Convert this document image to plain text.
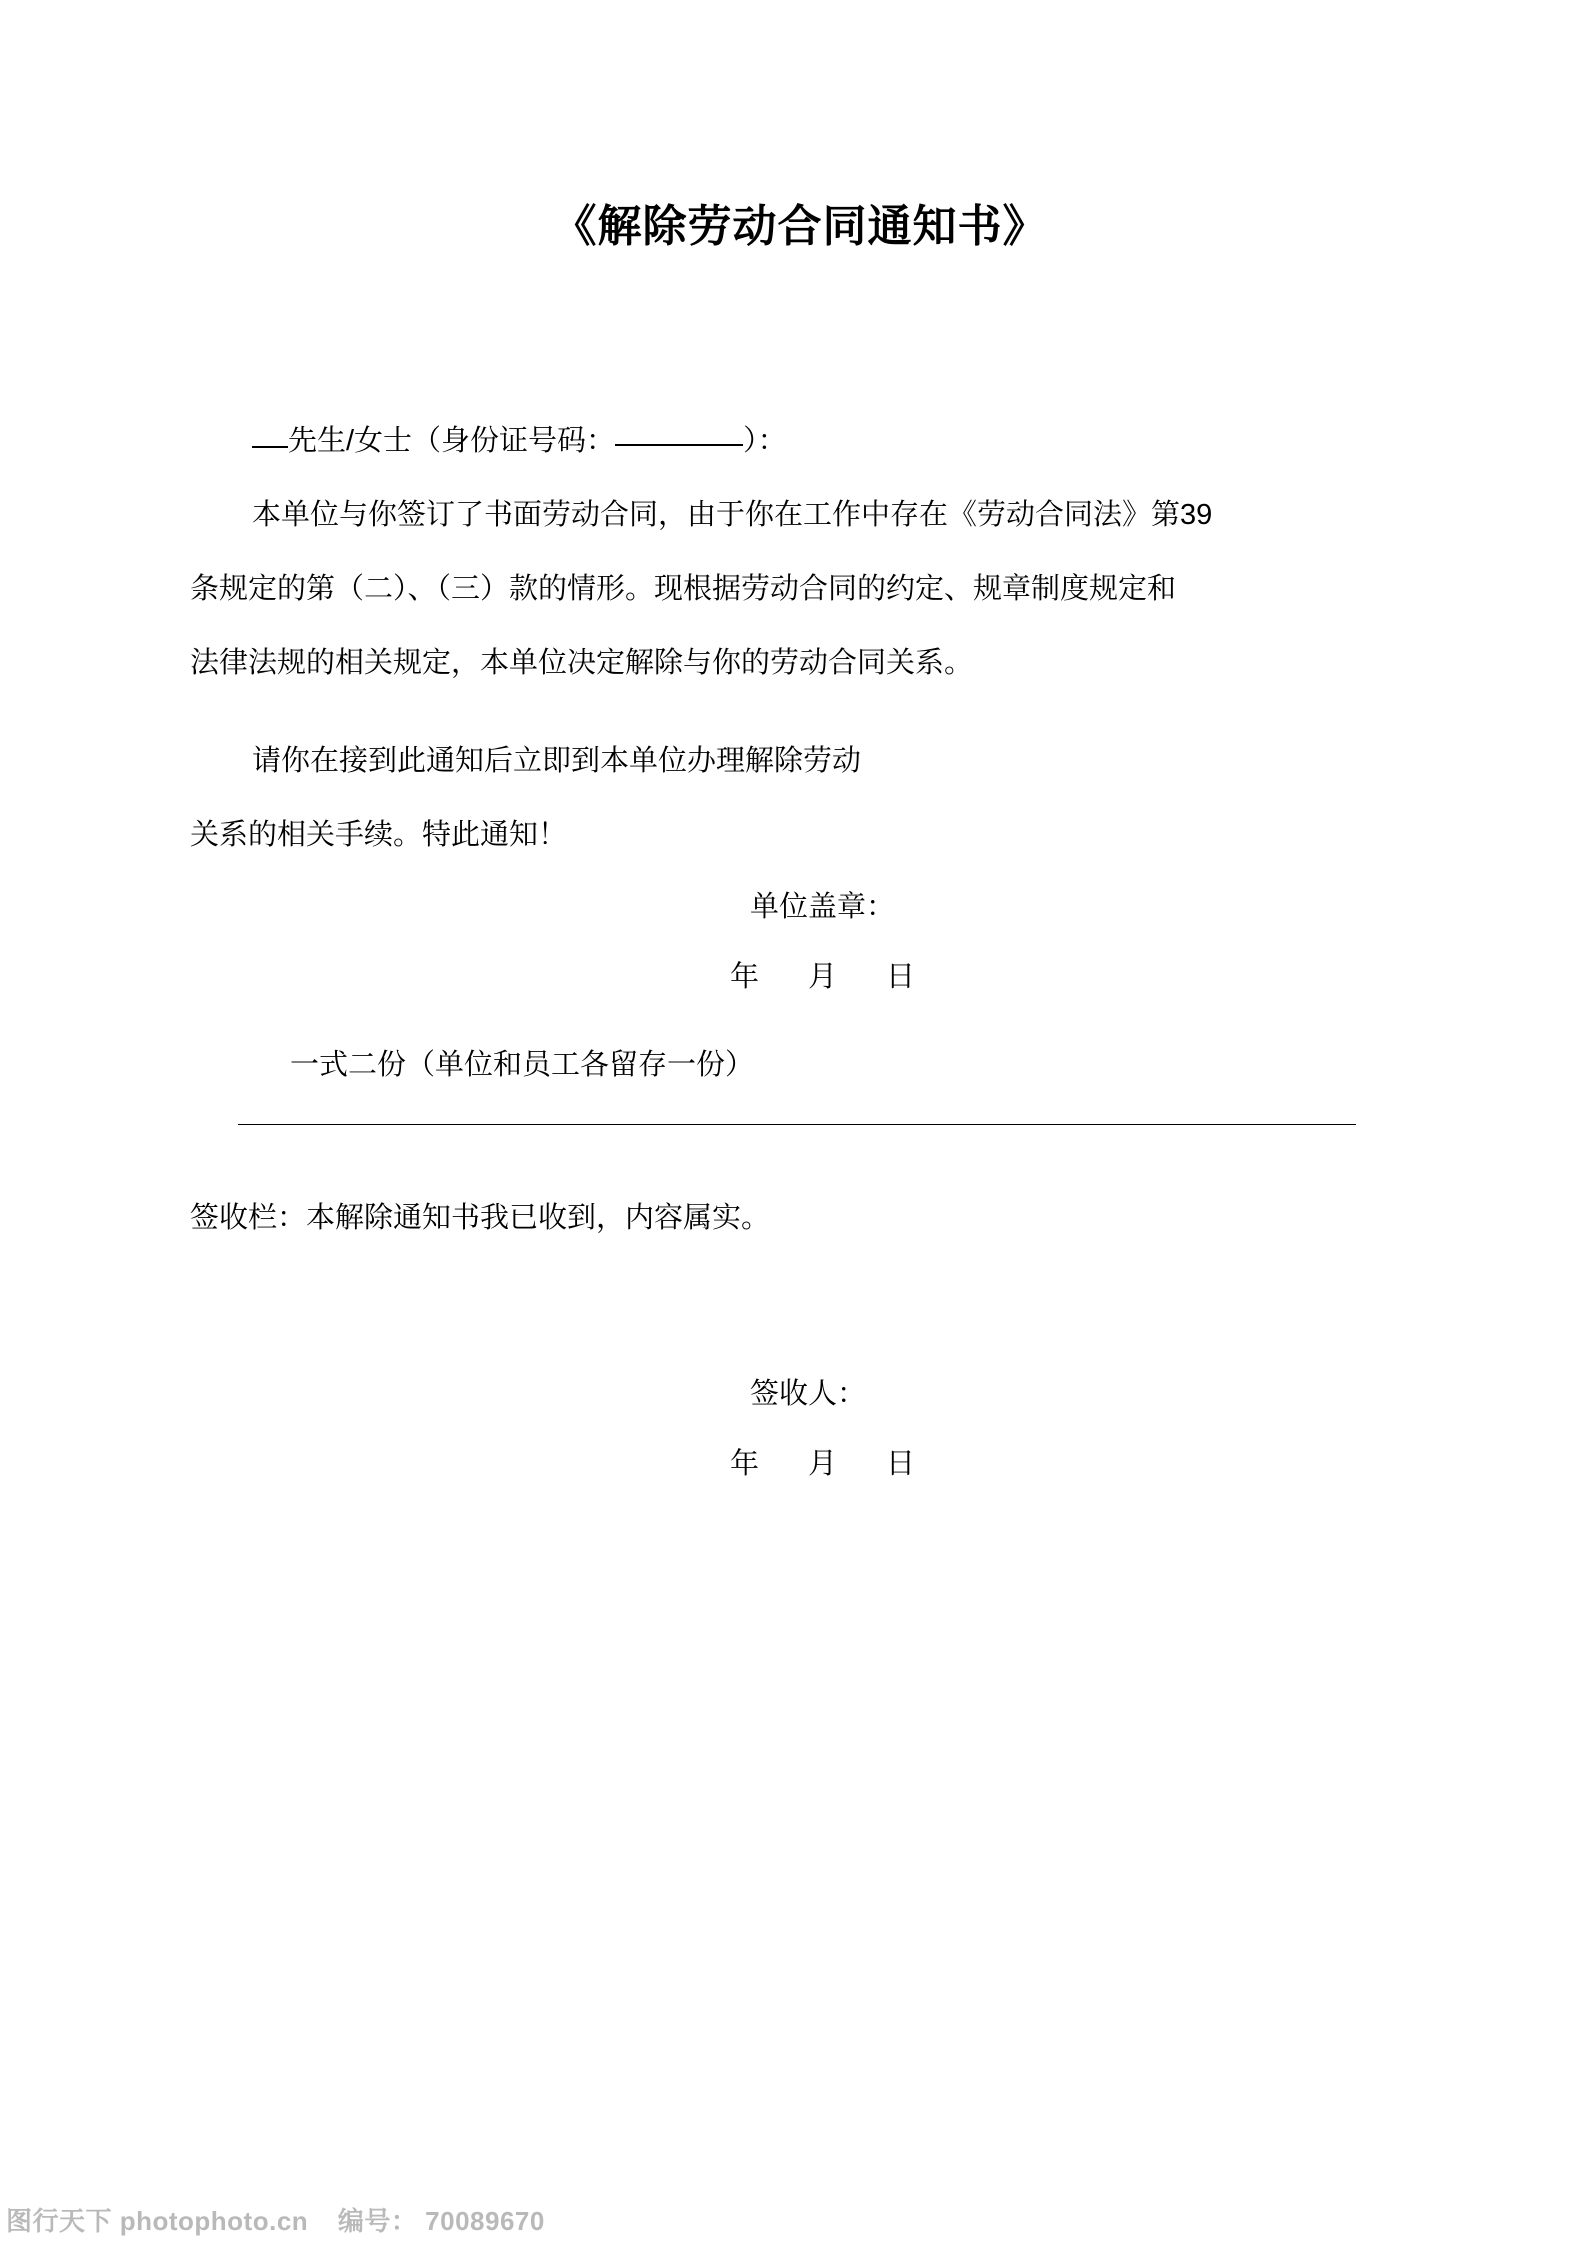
《解除劳动合同通知书》

先生/女士（身份证号码：	）：

本单位与你签订了书面劳动合同，由于你在工作中存在《劳动合同法》第39

条规定的第（二）、（三）款的情形。现根据劳动合同的约定、规章制度规定和

法律法规的相关规定，本单位决定解除与你的劳动合同关系。

请你在接到此通知后立即到本单位办理解除劳动

关系的相关手续。特此通知！

单位盖章：
年　月　日
一式二份（单位和员工各留存一份）
签收栏：本解除通知书我已收到，内容属实。
签收人：
年　月　日
图行天下 photophoto.cn 编号： 70089670
